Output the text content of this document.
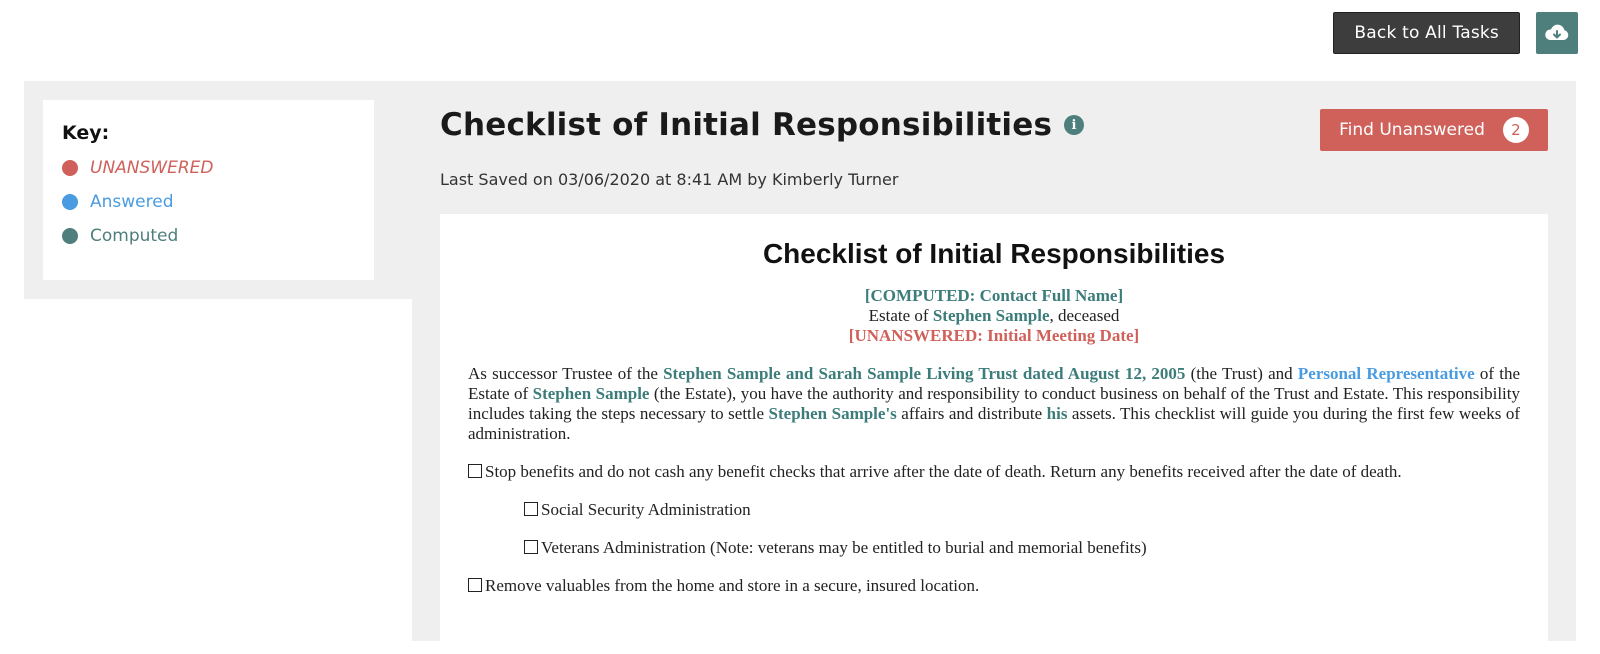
Back to All Tasks
Key:
UNANSWERED
Answered
Computed
Checklist of Initial Responsibilities	i	Find Unanswered	2
Last Saved on 03/06/2020 at 8:41 AM by Kimberly Turner
Checklist of Initial Responsibilities
[COMPUTED: Contact Full Name]
Estate of Stephen Sample, deceased
[UNANSWERED: Initial Meeting Date]
As successor Trustee of the Stephen Sample and Sarah Sample Living Trust dated August 12, 2005 (the Trust) and Personal Representative of the Estate of Stephen Sample (the Estate), you have the authority and responsibility to conduct business on behalf of the Trust and Estate. This responsibility includes taking the steps necessary to settle Stephen Sample's affairs and distribute his assets. This checklist will guide you during the first few weeks of administration.
Stop benefits and do not cash any benefit checks that arrive after the date of death. Return any benefits received after the date of death.
Social Security Administration
Veterans Administration (Note: veterans may be entitled to burial and memorial benefits)
Remove valuables from the home and store in a secure, insured location.
